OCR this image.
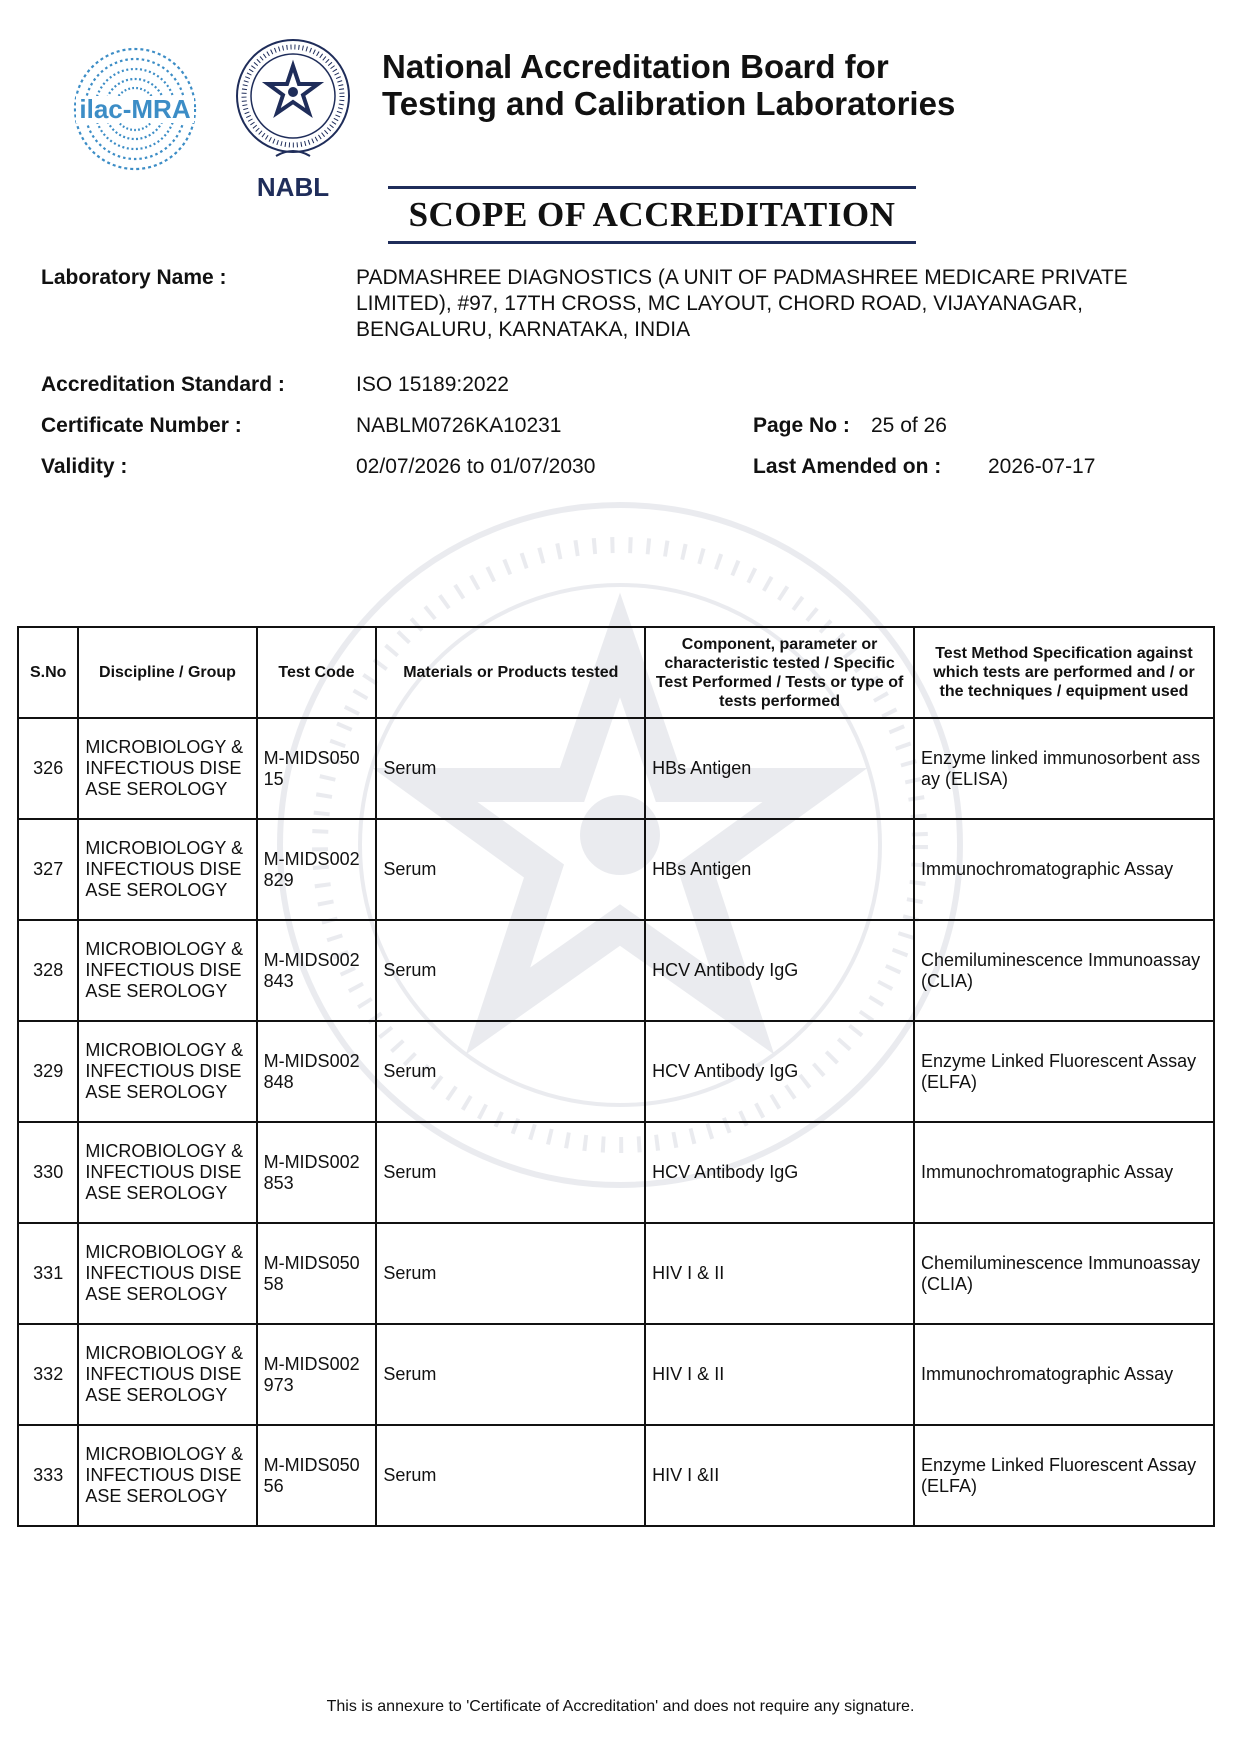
ilac-MRA
NABL
National Accreditation Board for
Testing and Calibration Laboratories
SCOPE OF ACCREDITATION
Laboratory Name :	PADMASHREE DIAGNOSTICS (A UNIT OF PADMASHREE MEDICARE PRIVATE LIMITED), #97, 17TH CROSS, MC LAYOUT, CHORD ROAD, VIJAYANAGAR, BENGALURU, KARNATAKA, INDIA
Accreditation Standard :	ISO 15189:2022
Certificate Number :	NABLM0726KA10231	Page No : 25 of 26
Validity :	02/07/2026 to 01/07/2030	Last Amended on : 2026-07-17
S.No	Discipline / Group	Test Code	Materials or Products tested	Component, parameter or characteristic tested / Specific Test Performed / Tests or type of tests performed	Test Method Specification against which tests are performed and / or the techniques / equipment used
326	MICROBIOLOGY & INFECTIOUS DISEASE SEROLOGY	M-MIDS05015	Serum	HBs Antigen	Enzyme linked immunosorbent assay (ELISA)
327	MICROBIOLOGY & INFECTIOUS DISEASE SEROLOGY	M-MIDS002829	Serum	HBs Antigen	Immunochromatographic Assay
328	MICROBIOLOGY & INFECTIOUS DISEASE SEROLOGY	M-MIDS002843	Serum	HCV Antibody IgG	Chemiluminescence Immunoassay (CLIA)
329	MICROBIOLOGY & INFECTIOUS DISEASE SEROLOGY	M-MIDS002848	Serum	HCV Antibody IgG	Enzyme Linked Fluorescent Assay (ELFA)
330	MICROBIOLOGY & INFECTIOUS DISEASE SEROLOGY	M-MIDS002853	Serum	HCV Antibody IgG	Immunochromatographic Assay
331	MICROBIOLOGY & INFECTIOUS DISEASE SEROLOGY	M-MIDS05058	Serum	HIV I & II	Chemiluminescence Immunoassay (CLIA)
332	MICROBIOLOGY & INFECTIOUS DISEASE SEROLOGY	M-MIDS002973	Serum	HIV I & II	Immunochromatographic Assay
333	MICROBIOLOGY & INFECTIOUS DISEASE SEROLOGY	M-MIDS05056	Serum	HIV I &II	Enzyme Linked Fluorescent Assay (ELFA)
This is annexure to 'Certificate of Accreditation' and does not require any signature.
